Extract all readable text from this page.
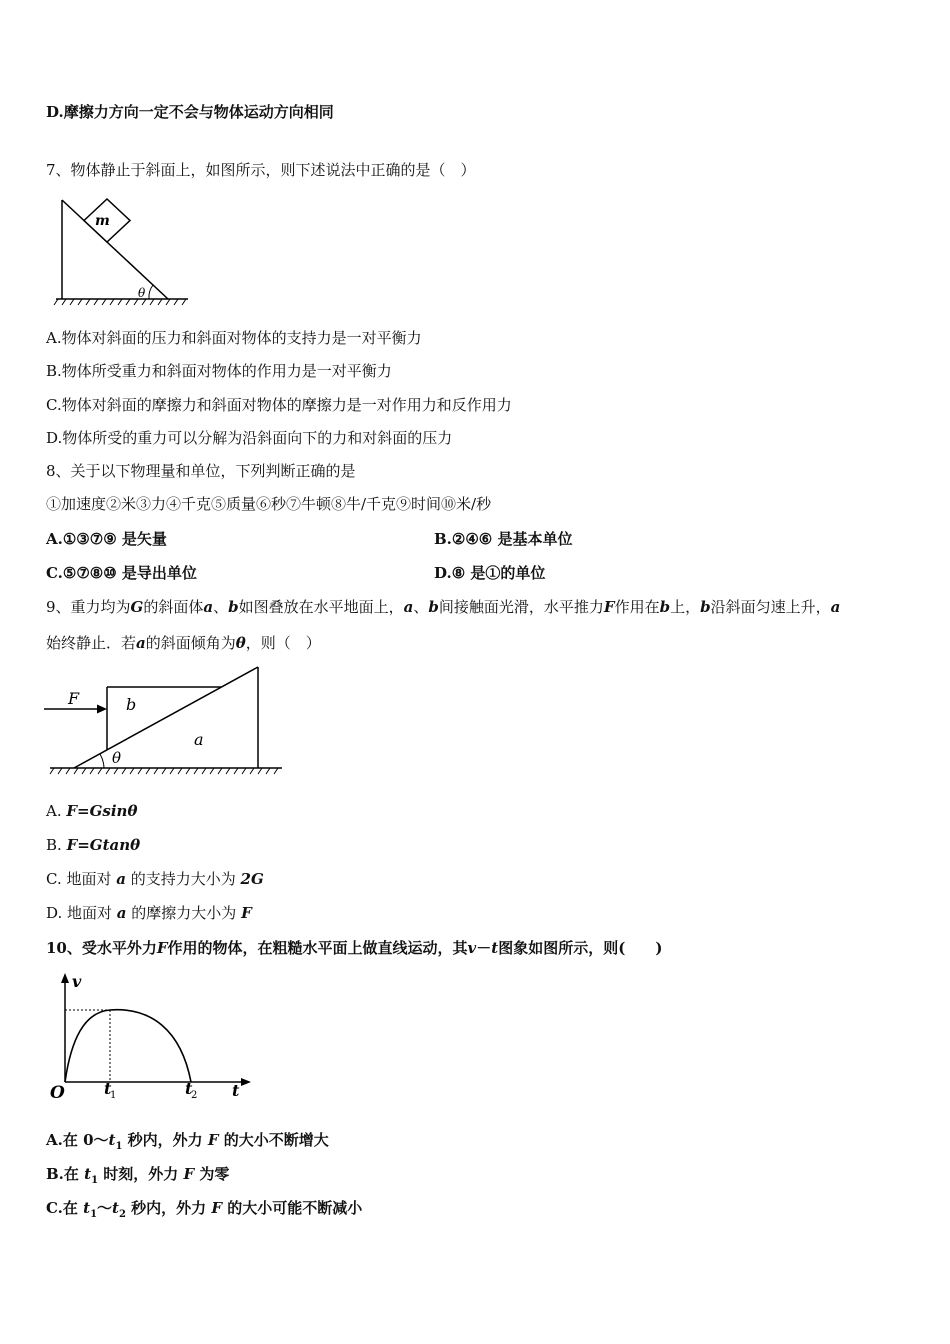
D.摩擦力方向一定不会与物体运动方向相同
7、物体静止于斜面上，如图所示，则下述说法中正确的是（　）
m
θ
A.物体对斜面的压力和斜面对物体的支持力是一对平衡力
B.物体所受重力和斜面对物体的作用力是一对平衡力
C.物体对斜面的摩擦力和斜面对物体的摩擦力是一对作用力和反作用力
D.物体所受的重力可以分解为沿斜面向下的力和对斜面的压力
8、关于以下物理量和单位，下列判断正确的是
①加速度②米③力④千克⑤质量⑥秒⑦牛顿⑧牛/千克⑨时间⑩米/秒
A.①③⑦⑨ 是矢量	B.②④⑥ 是基本单位
C.⑤⑦⑧⑩ 是导出单位	D.⑧ 是①的单位
9、重力均为G的斜面体a、b如图叠放在水平地面上，a、b间接触面光滑，水平推力F作用在b上，b沿斜面匀速上升，a
始终静止．若a的斜面倾角为θ，则（　）
F	b
a
θ
A. F=Gsinθ
B. F=Gtanθ
C. 地面对 a 的支持力大小为 2G
D. 地面对 a 的摩擦力大小为 F
10、受水平外力F作用的物体，在粗糙水平面上做直线运动，其v－t图象如图所示，则(　　)
v
t
O t
1	t
2
A.在 $0\sim t_1$ 秒内，外力 F 的大小不断增大
B.在 $t_1$ 时刻，外力 F 为零
C.在 $t_1\sim t_2$ 秒内，外力 F 的大小可能不断减小
